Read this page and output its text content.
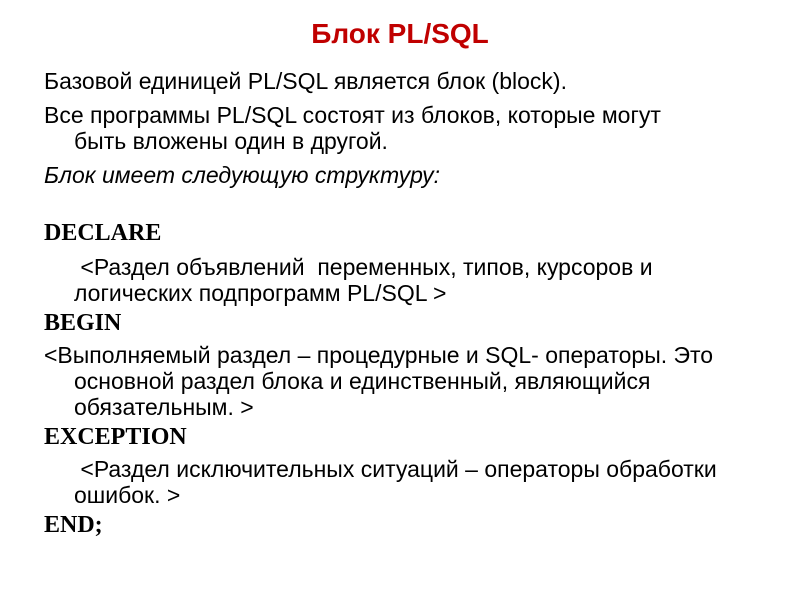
Блок PL/SQL
Базовой единицей PL/SQL является блок (block).
Все программы PL/SQL состоят из блоков, которые могут
быть вложены один в другой.
Блок имеет следующую структуру:
DECLARE
<Раздел объявлений  переменных, типов, курсоров и
логических подпрограмм PL/SQL >
BEGIN
<Выполняемый раздел – процедурные и SQL- операторы. Это
основной раздел блока и единственный, являющийся
обязательным. >
EXCEPTION
<Раздел исключительных ситуаций – операторы обработки
ошибок. >
END;
